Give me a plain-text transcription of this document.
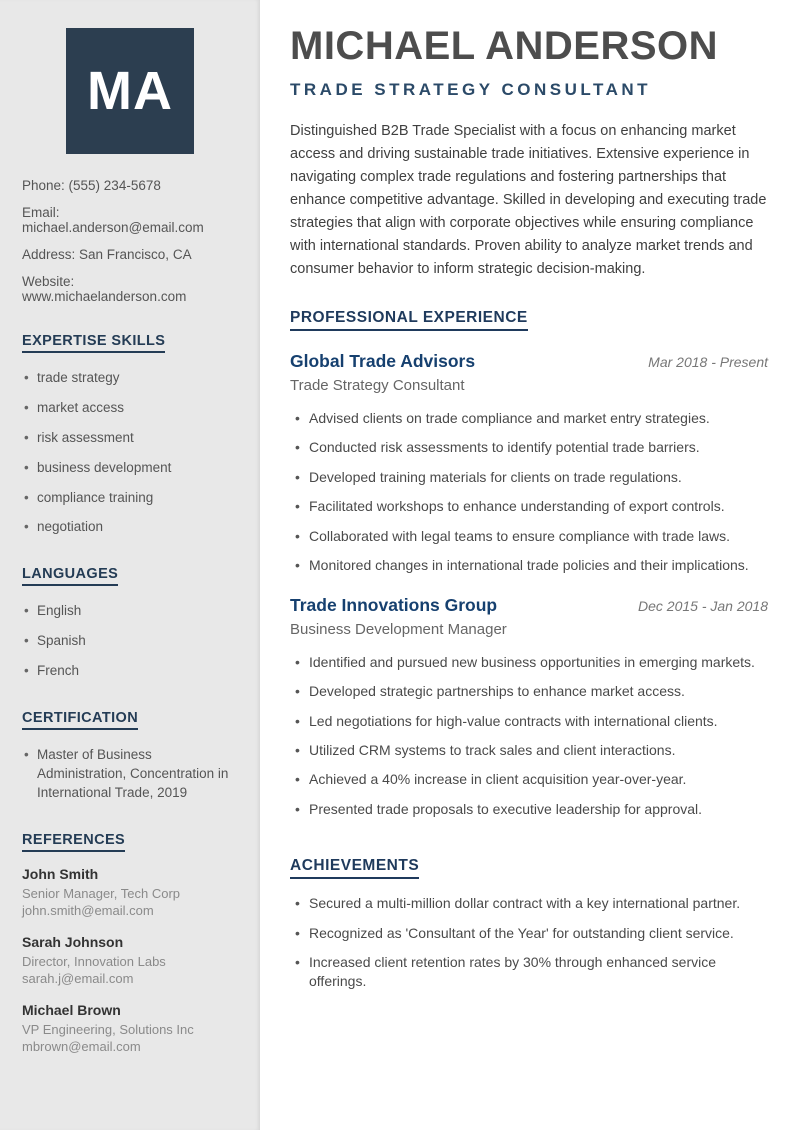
MA
Phone: (555) 234-5678
Email: michael.anderson@email.com
Address: San Francisco, CA
Website: www.michaelanderson.com
EXPERTISE SKILLS
• trade strategy
• market access
• risk assessment
• business development
• compliance training
• negotiation
LANGUAGES
• English
• Spanish
• French
CERTIFICATION
• Master of Business Administration, Concentration in International Trade, 2019
REFERENCES
John Smith
Senior Manager, Tech Corp
john.smith@email.com
Sarah Johnson
Director, Innovation Labs
sarah.j@email.com
Michael Brown
VP Engineering, Solutions Inc
mbrown@email.com
MICHAEL ANDERSON
TRADE STRATEGY CONSULTANT

Distinguished B2B Trade Specialist with a focus on enhancing market access and driving sustainable trade initiatives. Extensive experience in navigating complex trade regulations and fostering partnerships that enhance competitive advantage. Skilled in developing and executing trade strategies that align with corporate objectives while ensuring compliance with international standards. Proven ability to analyze market trends and consumer behavior to inform strategic decision-making.

PROFESSIONAL EXPERIENCE
Global Trade Advisors	Mar 2018 - Present
Trade Strategy Consultant
• Advised clients on trade compliance and market entry strategies.
• Conducted risk assessments to identify potential trade barriers.
• Developed training materials for clients on trade regulations.
• Facilitated workshops to enhance understanding of export controls.
• Collaborated with legal teams to ensure compliance with trade laws.
• Monitored changes in international trade policies and their implications.
Trade Innovations Group	Dec 2015 - Jan 2018
Business Development Manager
• Identified and pursued new business opportunities in emerging markets.
• Developed strategic partnerships to enhance market access.
• Led negotiations for high-value contracts with international clients.
• Utilized CRM systems to track sales and client interactions.
• Achieved a 40% increase in client acquisition year-over-year.
• Presented trade proposals to executive leadership for approval.
ACHIEVEMENTS
• Secured a multi-million dollar contract with a key international partner.
• Recognized as 'Consultant of the Year' for outstanding client service.
• Increased client retention rates by 30% through enhanced service offerings.
